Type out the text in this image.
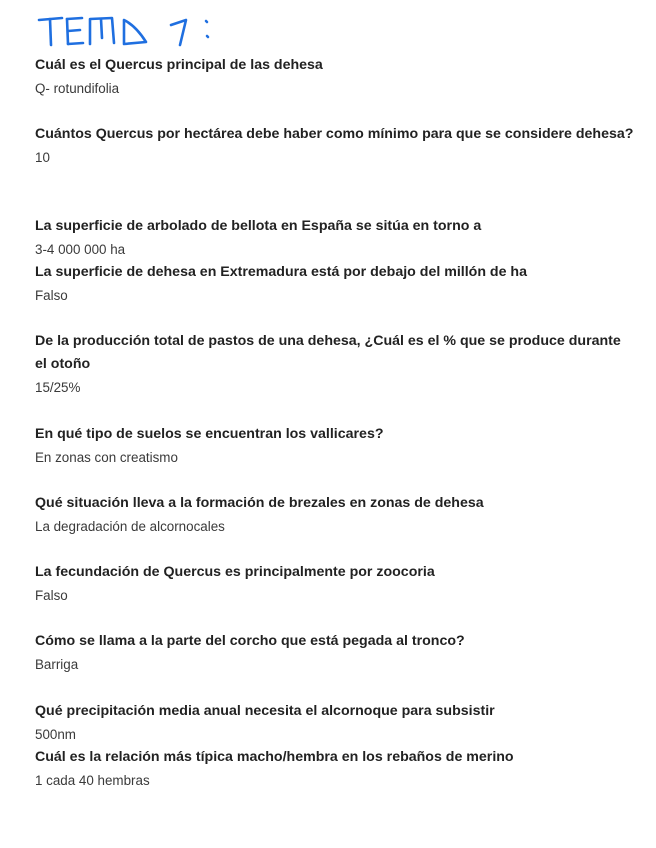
Cuál es el Quercus principal de las dehesa

Q- rotundifolia

Cuántos Quercus por hectárea debe haber como mínimo para que se considere dehesa?

10

La superficie de arbolado de bellota en España se sitúa en torno a

3-4 000 000 ha

La superficie de dehesa en Extremadura está por debajo del millón de ha

Falso

De la producción total de pastos de una dehesa, ¿Cuál es el % que se produce durante el otoño

15/25%

En qué tipo de suelos se encuentran los vallicares?

En zonas con creatismo

Qué situación lleva a la formación de brezales en zonas de dehesa

La degradación de alcornocales

La fecundación de Quercus es principalmente por zoocoria

Falso

Cómo se llama a la parte del corcho que está pegada al tronco?

Barriga

Qué precipitación media anual necesita el alcornoque para subsistir

500nm

Cuál es la relación más típica macho/hembra en los rebaños de merino

1 cada 40 hembras
